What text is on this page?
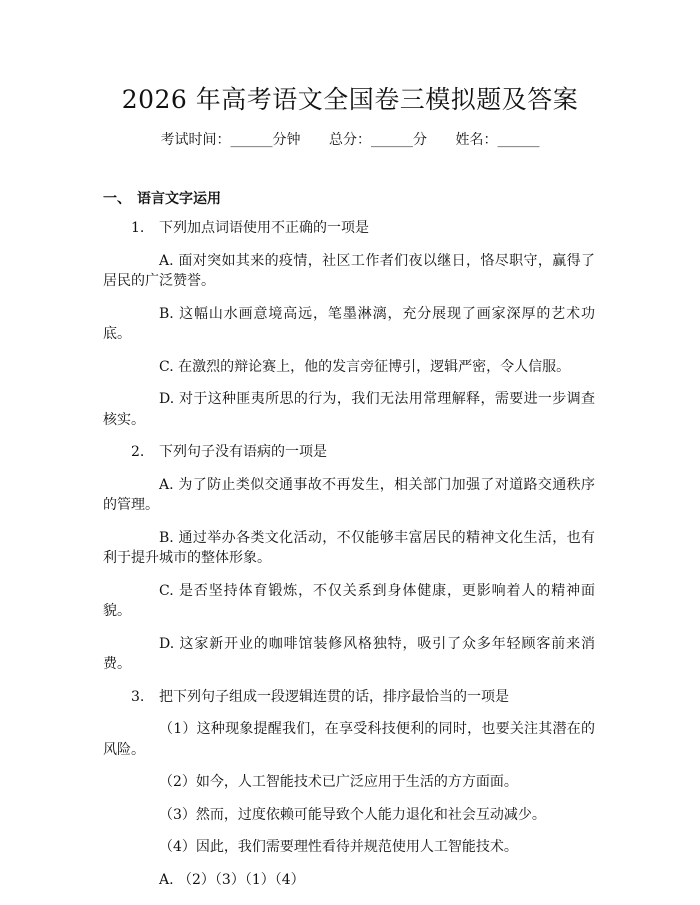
2026 年高考语文全国卷三模拟题及答案
考试时间：______分钟 总分：______分 姓名：______
一、 语言文字运用
1. 下列加点词语使用不正确的一项是
A. 面对突如其来的疫情，社区工作者们夜以继日，恪尽职守，赢得了居民的广泛赞誉。
B. 这幅山水画意境高远，笔墨淋漓，充分展现了画家深厚的艺术功底。
C. 在激烈的辩论赛上，他的发言旁征博引，逻辑严密，令人信服。
D. 对于这种匪夷所思的行为，我们无法用常理解释，需要进一步调查核实。
2. 下列句子没有语病的一项是
A. 为了防止类似交通事故不再发生，相关部门加强了对道路交通秩序的管理。
B. 通过举办各类文化活动，不仅能够丰富居民的精神文化生活，也有利于提升城市的整体形象。
C. 是否坚持体育锻炼，不仅关系到身体健康，更影响着人的精神面貌。
D. 这家新开业的咖啡馆装修风格独特，吸引了众多年轻顾客前来消费。
3. 把下列句子组成一段逻辑连贯的话，排序最恰当的一项是
（1）这种现象提醒我们，在享受科技便利的同时，也要关注其潜在的风险。
（2）如今，人工智能技术已广泛应用于生活的方方面面。
（3）然而，过度依赖可能导致个人能力退化和社会互动减少。
（4）因此，我们需要理性看待并规范使用人工智能技术。
A. （2）（3）（1）（4）
